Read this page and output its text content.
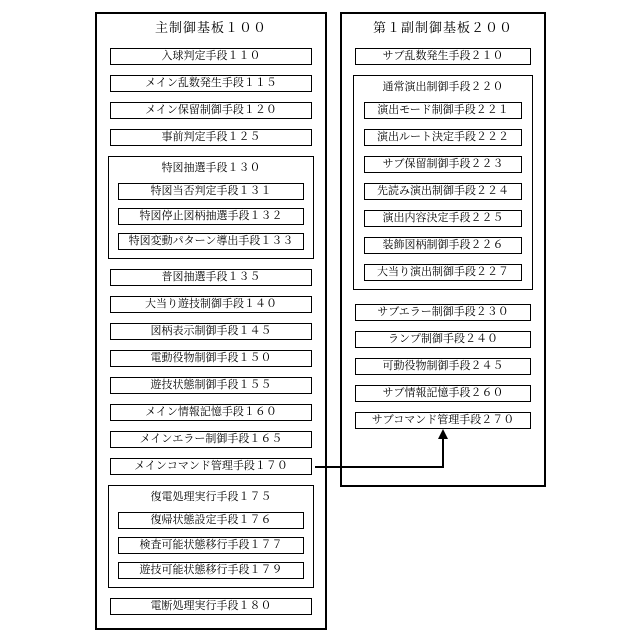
主制御基板１００
入球判定手段１１０
メイン乱数発生手段１１５
メイン保留制御手段１２０
事前判定手段１２５
特図抽選手段１３０
特図当否判定手段１３１
特図停止図柄抽選手段１３２
特図変動パターン導出手段１３３
普図抽選手段１３５
大当り遊技制御手段１４０
図柄表示制御手段１４５
電動役物制御手段１５０
遊技状態制御手段１５５
メイン情報記憶手段１６０
メインエラー制御手段１６５
メインコマンド管理手段１７０
復電処理実行手段１７５
復帰状態設定手段１７６
検査可能状態移行手段１７７
遊技可能状態移行手段１７９
電断処理実行手段１８０
第１副制御基板２００
サブ乱数発生手段２１０
通常演出制御手段２２０
演出モード制御手段２２１
演出ルート決定手段２２２
サブ保留制御手段２２３
先読み演出制御手段２２４
演出内容決定手段２２５
装飾図柄制御手段２２６
大当り演出制御手段２２７
サブエラー制御手段２３０
ランプ制御手段２４０
可動役物制御手段２４５
サブ情報記憶手段２６０
サブコマンド管理手段２７０
